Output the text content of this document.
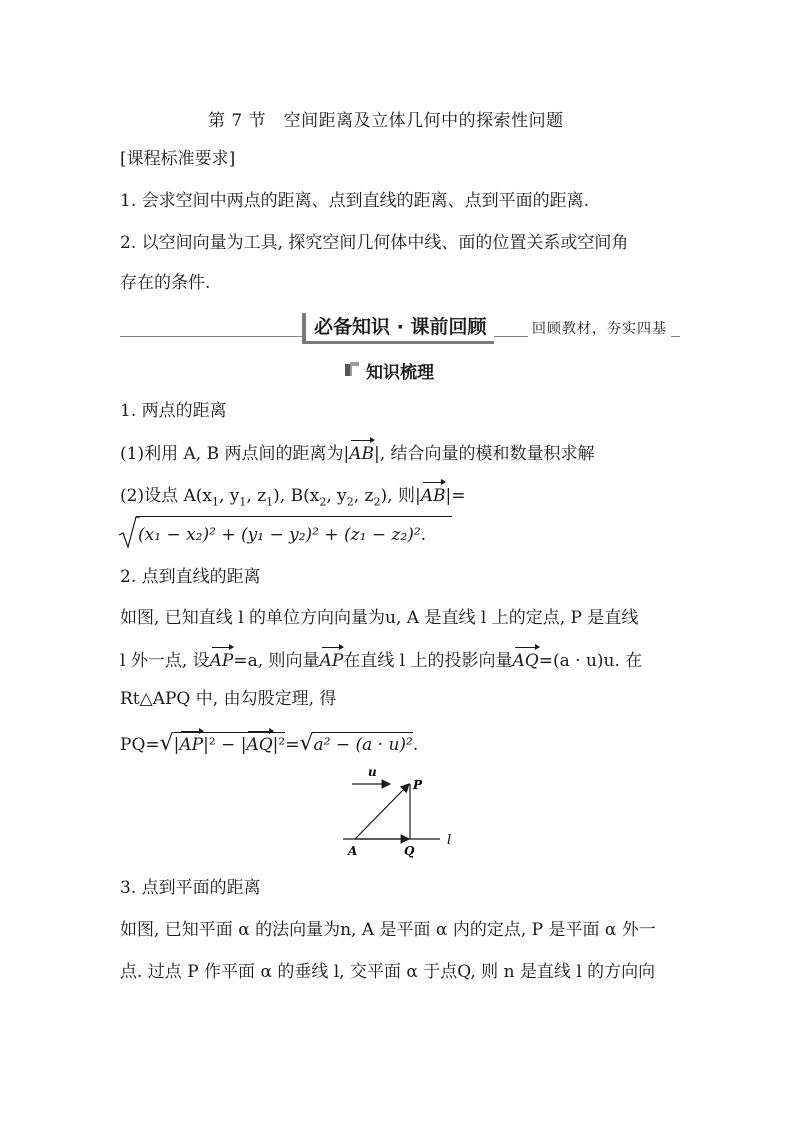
第 7 节　空间距离及立体几何中的探索性问题
[课程标准要求]
1. 会求空间中两点的距离、点到直线的距离、点到平面的距离.
2. 以空间向量为工具, 探究空间几何体中线、面的位置关系或空间角
存在的条件.
必备知识 · 课前回顾	回顾教材，夯实四基
知识梳理
1. 两点的距离
(1)利用 A, B 两点间的距离为|AB|, 结合向量的模和数量积求解
(2)设点 $A(x_1$, $y_1$, $z_1$), $B(x_2$, $y_2$, $z_2$), 则|AB|=
(x₁ − x₂)² + (y₁ − y₂)² + (z₁ − z₂)².
2. 点到直线的距离
如图, 已知直线 l 的单位方向向量为u, A 是直线 l 上的定点, P 是直线
l 外一点, 设AP=a, 则向量AP在直线 l 上的投影向量AQ=(a · u)u. 在
Rt△APQ 中, 由勾股定理, 得
PQ=√|AP|² − |AQ|²=√a² − (a · u)².
u
P
A	Q
l
3. 点到平面的距离
如图, 已知平面 α 的法向量为n, A 是平面 α 内的定点, P 是平面 α 外一
点. 过点 P 作平面 α 的垂线 l, 交平面 α 于点Q, 则 n 是直线 l 的方向向
